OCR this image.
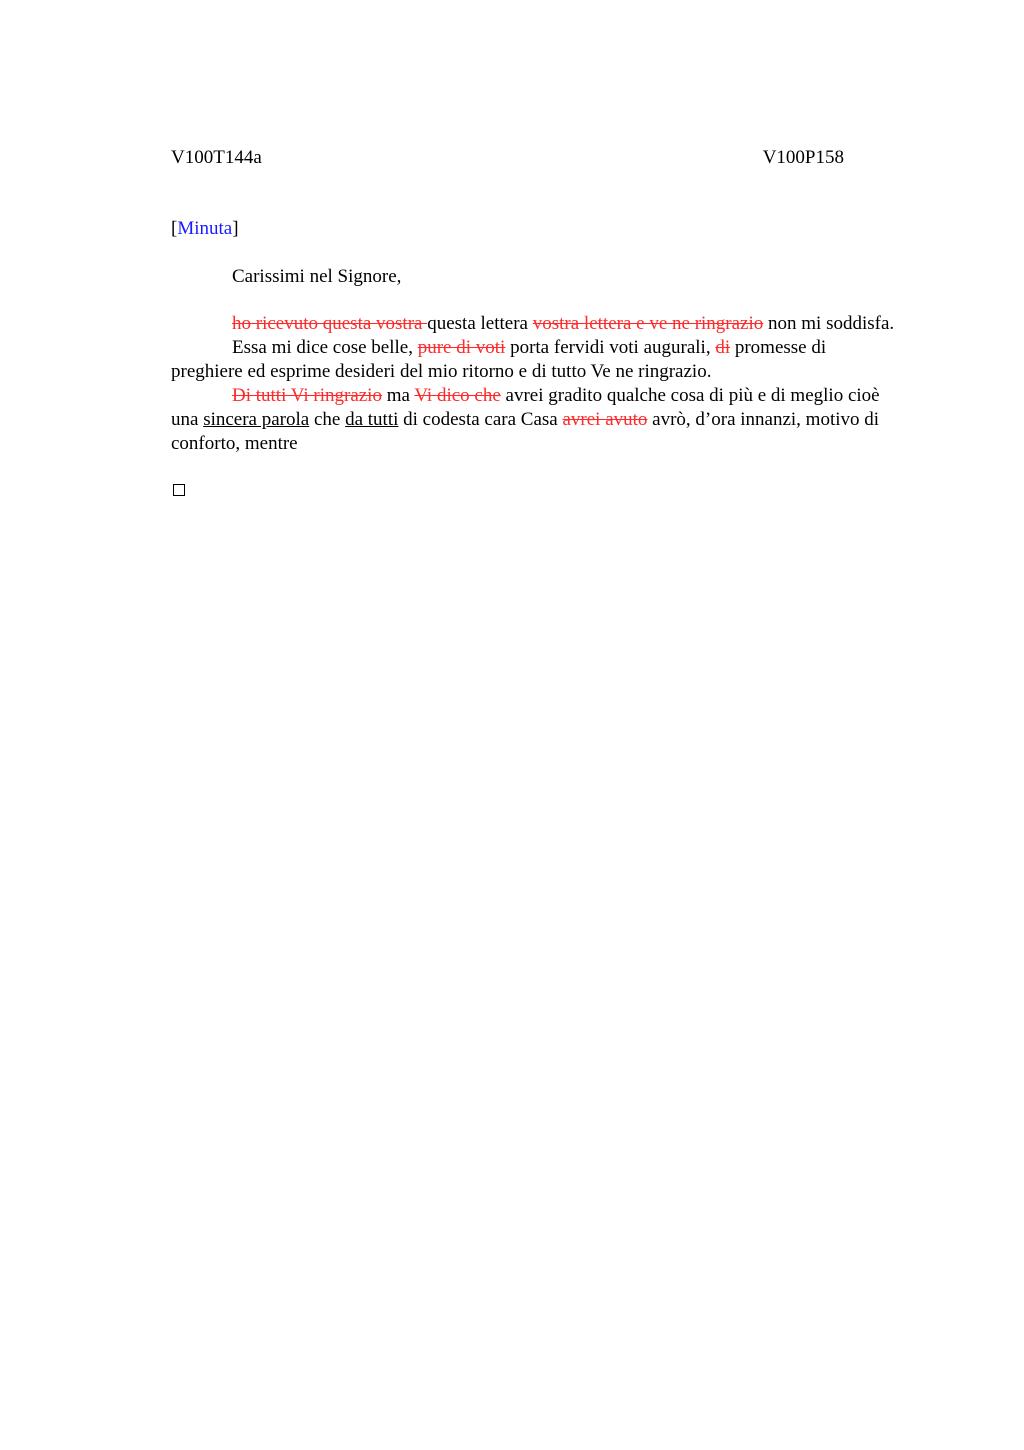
V100T144a	V100P158
[Minuta]
Carissimi nel Signore,

ho ricevuto questa vostra questa lettera vostra lettera e ve ne ringrazio non mi soddisfa.

Essa mi dice cose belle, pure di voti porta fervidi voti augurali, di promesse di preghiere ed esprime desideri del mio ritorno e di tutto Ve ne ringrazio.

Di tutti Vi ringrazio ma Vi dico che avrei gradito qualche cosa di più e di meglio cioè una sincera parola che da tutti di codesta cara Casa avrei avuto avrò, d’ora innanzi, motivo di conforto, mentre
